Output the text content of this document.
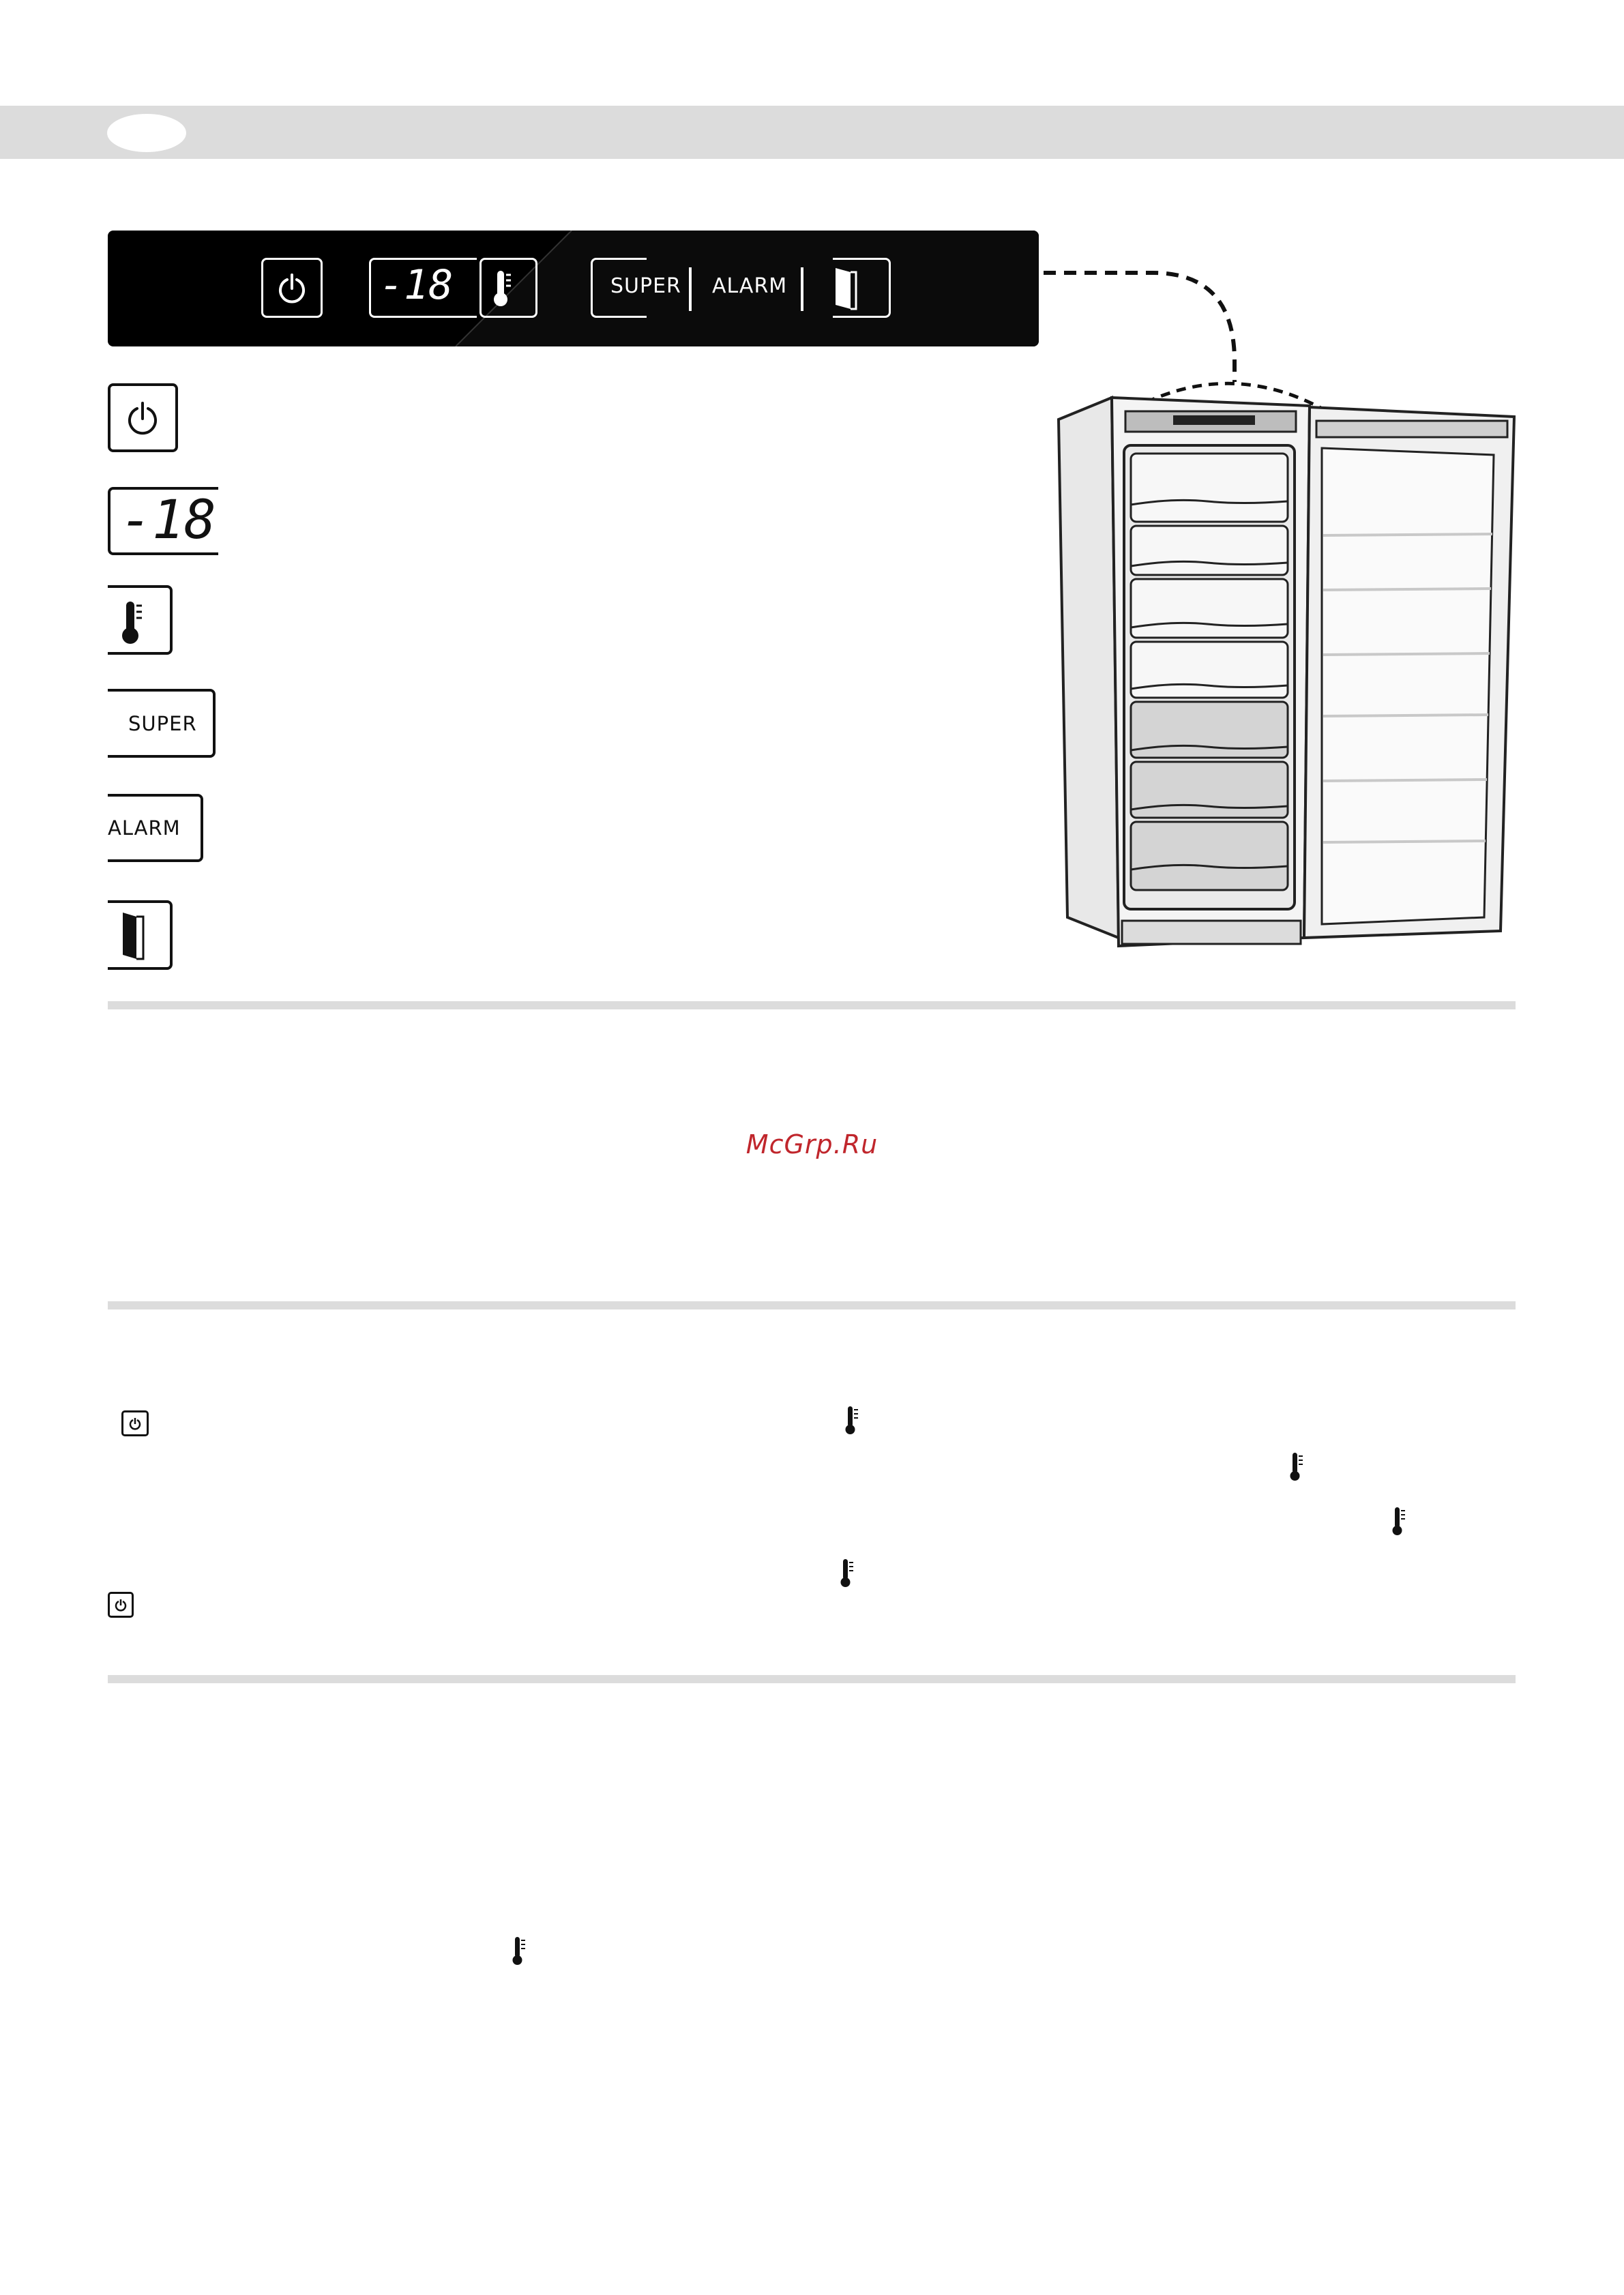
-18	SUPER ALARM
-18
SUPER
ALARM
McGrp.Ru
